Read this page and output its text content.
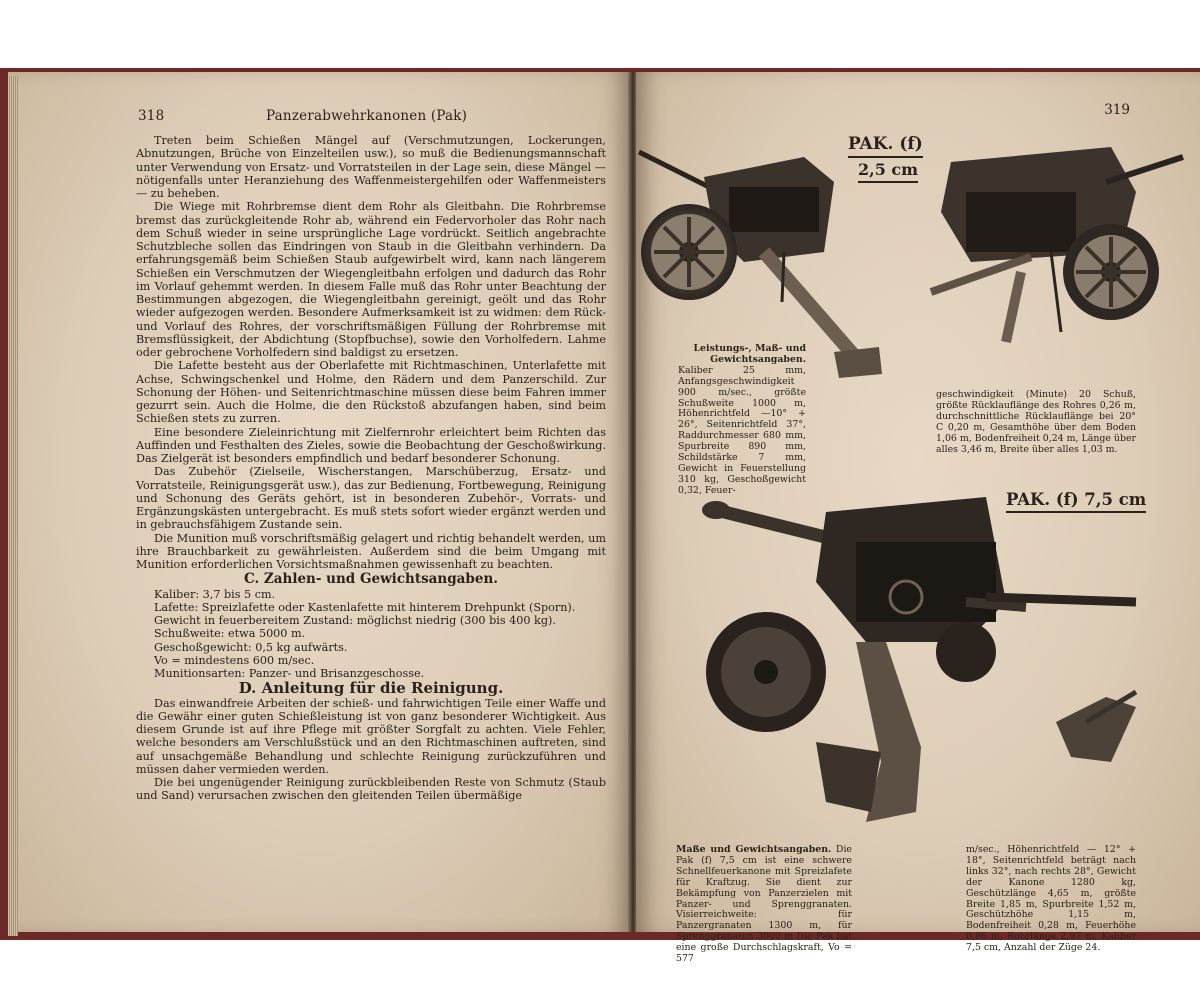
318	Panzerabwehrkanonen (Pak)

Treten beim Schießen Mängel auf (Verschmutzungen, Lockerungen, Abnutzungen, Brüche von Einzelteilen usw.), so muß die Bedienungsmannschaft unter Verwendung von Ersatz- und Vorratsteilen in der Lage sein, diese Mängel — nötigenfalls unter Heranziehung des Waffenmeistergehilfen oder Waffenmeisters — zu beheben.

Die Wiege mit Rohrbremse dient dem Rohr als Gleitbahn. Die Rohrbremse bremst das zurückgleitende Rohr ab, während ein Federvorholer das Rohr nach dem Schuß wieder in seine ursprüngliche Lage vordrückt. Seitlich angebrachte Schutzbleche sollen das Eindringen von Staub in die Gleitbahn verhindern. Da erfahrungsgemäß beim Schießen Staub aufgewirbelt wird, kann nach längerem Schießen ein Verschmutzen der Wiegengleitbahn erfolgen und dadurch das Rohr im Vorlauf gehemmt werden. In diesem Falle muß das Rohr unter Beachtung der Bestimmungen abgezogen, die Wiegengleitbahn gereinigt, geölt und das Rohr wieder aufgezogen werden. Besondere Aufmerksamkeit ist zu widmen: dem Rück- und Vorlauf des Rohres, der vorschriftsmäßigen Füllung der Rohrbremse mit Bremsflüssigkeit, der Abdichtung (Stopfbuchse), sowie den Vorholfedern. Lahme oder gebrochene Vorholfedern sind baldigst zu ersetzen.

Die Lafette besteht aus der Oberlafette mit Richtmaschinen, Unterlafette mit Achse, Schwingschenkel und Holme, den Rädern und dem Panzerschild. Zur Schonung der Höhen- und Seitenrichtmaschine müssen diese beim Fahren immer gezurrt sein. Auch die Holme, die den Rückstoß abzufangen haben, sind beim Schießen stets zu zurren.

Eine besondere Zieleinrichtung mit Zielfernrohr erleichtert beim Richten das Auffinden und Festhalten des Zieles, sowie die Beobachtung der Geschoßwirkung. Das Zielgerät ist besonders empfindlich und bedarf besonderer Schonung.

Das Zubehör (Zielseile, Wischerstangen, Marschüberzug, Ersatz- und Vorratsteile, Reinigungsgerät usw.), das zur Bedienung, Fortbewegung, Reinigung und Schonung des Geräts gehört, ist in besonderen Zubehör-, Vorrats- und Ergänzungskästen untergebracht. Es muß stets sofort wieder ergänzt werden und in gebrauchsfähigem Zustande sein.

Die Munition muß vorschriftsmäßig gelagert und richtig behandelt werden, um ihre Brauchbarkeit zu gewährleisten. Außerdem sind die beim Umgang mit Munition erforderlichen Vorsichtsmaßnahmen gewissenhaft zu beachten.

C. Zahlen- und Gewichtsangaben.
Kaliber: 3,7 bis 5 cm.
Lafette: Spreizlafette oder Kastenlafette mit hinterem Drehpunkt (Sporn).
Gewicht in feuerbereitem Zustand: möglichst niedrig (300 bis 400 kg).
Schußweite: etwa 5000 m.
Geschoßgewicht: 0,5 kg aufwärts.
Vo = mindestens 600 m/sec.
Munitionsarten: Panzer- und Brisanzgeschosse.
D. Anleitung für die Reinigung.

Das einwandfreie Arbeiten der schieß- und fahrwichtigen Teile einer Waffe und die Gewähr einer guten Schießleistung ist von ganz besonderer Wichtigkeit. Aus diesem Grunde ist auf ihre Pflege mit größter Sorgfalt zu achten. Viele Fehler, welche besonders am Verschlußstück und an den Richtmaschinen auftreten, sind auf unsachgemäße Behandlung und schlechte Reinigung zurückzuführen und müssen daher vermieden werden.

Die bei ungenügender Reinigung zurückbleibenden Reste von Schmutz (Staub und Sand) verursachen zwischen den gleitenden Teilen übermäßige

319
PAK. (f)
2,5 cm
Leistungs-, Maß- und Gewichtsangaben.
Kaliber 25 mm, Anfangsgeschwindigkeit 900 m/sec., größte Schußweite 1000 m, Höhenrichtfeld —10° + 26°, Seitenrichtfeld 37°, Raddurchmesser 680 mm, Spurbreite 890 mm, Schildstärke 7 mm, Gewicht in Feuerstellung 310 kg, Geschoßgewicht 0,32, Feuer-
geschwindigkeit (Minute) 20 Schuß, größte Rücklauflänge des Rohres 0,26 m, durchschnittliche Rücklauflänge bei 20° C 0,20 m, Gesamthöhe über dem Boden 1,06 m, Bodenfreiheit 0,24 m, Länge über alles 3,46 m, Breite über alles 1,03 m.
PAK. (f) 7,5 cm
Maße und Gewichtsangaben. Die Pak (f) 7,5 cm ist eine schwere Schnellfeuerkanone mit Spreizlafete für Kraftzug. Sie dient zur Bekämpfung von Panzerzielen mit Panzer- und Sprenggranaten. Visierreichweite: für Panzergranaten 1300 m, für Sprenggranaten 3000 m Die Pak hat eine große Durchschlagskraft, Vo = 577
m/sec., Höhenrichtfeld — 12° + 18°, Seitenrichtfeld beträgt nach links 32°, nach rechts 28°, Gewicht der Kanone 1280 kg, Geschützlänge 4,65 m, größte Breite 1,85 m, Spurbreite 1,52 m, Geschützhöhe 1,15 m, Bodenfreiheit 0,28 m, Feuerhöhe 0,86 m, Rohrlänge 2,97 m, Kaliber 7,5 cm, Anzahl der Züge 24.
